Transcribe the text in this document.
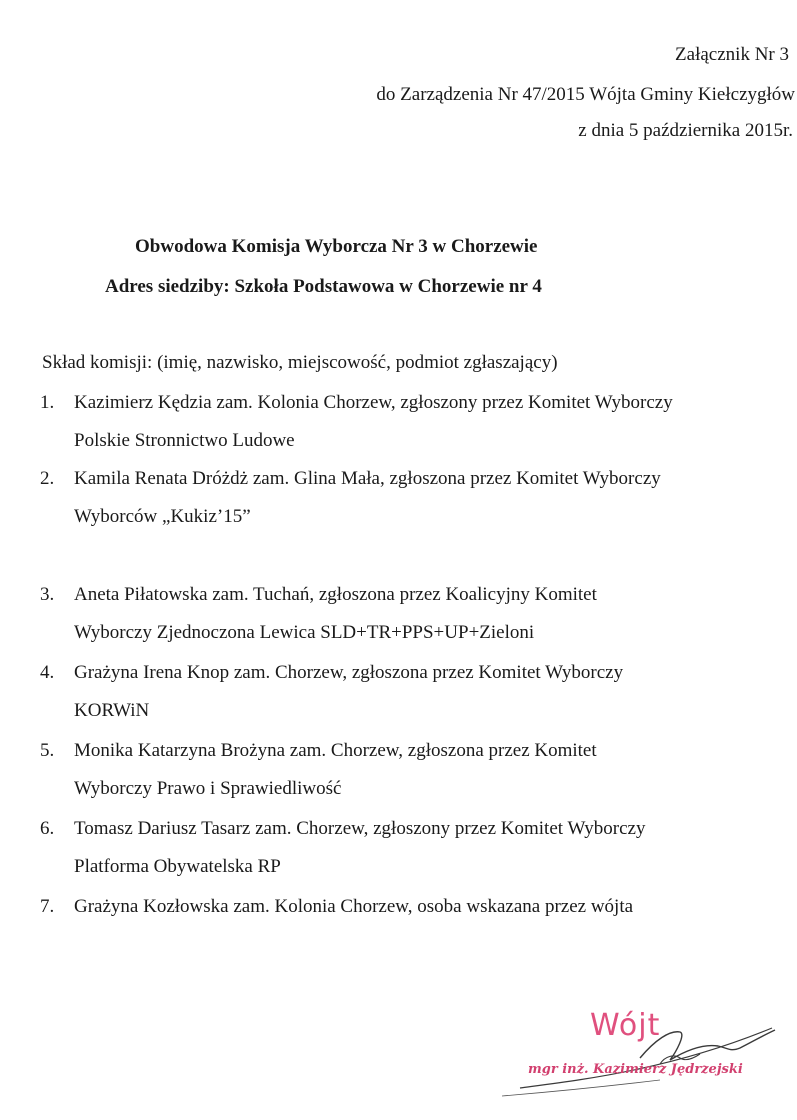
Załącznik Nr 3
do Zarządzenia Nr 47/2015 Wójta Gminy Kiełczygłów
z dnia 5 października 2015r.
Obwodowa Komisja Wyborcza Nr 3 w Chorzewie
Adres siedziby: Szkoła Podstawowa w Chorzewie nr 4
Skład komisji: (imię, nazwisko, miejscowość, podmiot zgłaszający)
1.	Kazimierz Kędzia zam. Kolonia Chorzew, zgłoszony przez Komitet Wyborczy
Polskie Stronnictwo Ludowe
2.	Kamila Renata Dróżdż zam. Glina Mała, zgłoszona przez Komitet Wyborczy
Wyborców „Kukiz’15”
3.	Aneta Piłatowska zam. Tuchań, zgłoszona przez Koalicyjny Komitet
Wyborczy Zjednoczona Lewica SLD+TR+PPS+UP+Zieloni
4.	Grażyna Irena Knop zam. Chorzew, zgłoszona przez Komitet Wyborczy
KORWiN
5.	Monika Katarzyna Brożyna zam. Chorzew, zgłoszona przez Komitet
Wyborczy Prawo i Sprawiedliwość
6.	Tomasz Dariusz Tasarz zam. Chorzew, zgłoszony przez Komitet Wyborczy
Platforma Obywatelska RP
7.	Grażyna Kozłowska zam. Kolonia Chorzew, osoba wskazana przez wójta
Wójt
mgr inż. Kazimierz Jędrzejski
